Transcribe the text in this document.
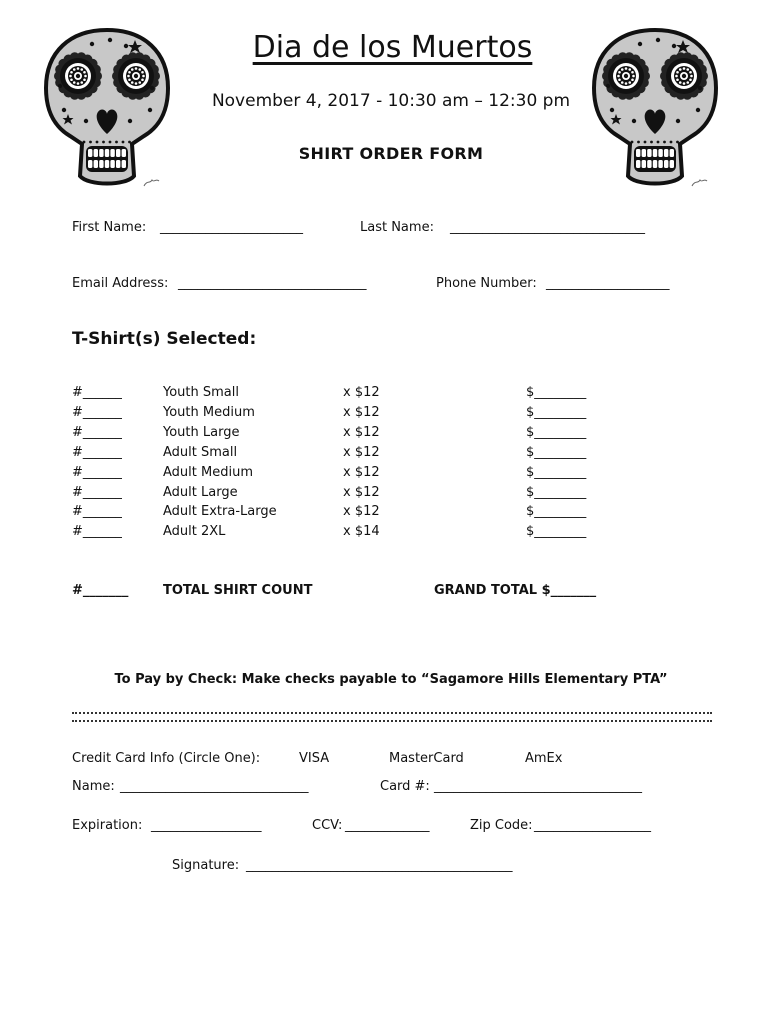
Dia de los Muertos
November 4, 2017 - 10:30 am – 12:30 pm
SHIRT ORDER FORM
First Name: ______________________	Last Name: ______________________________
Email Address: _____________________________	Phone Number: ___________________
T-Shirt(s) Selected:
#______	Youth Small	x $12	$________
#______	Youth Medium	x $12	$________
#______	Youth Large	x $12	$________
#______	Adult Small	x $12	$________
#______	Adult Medium	x $12	$________
#______	Adult Large	x $12	$________
#______	Adult Extra-Large	x $12	$________
#______	Adult 2XL	x $14	$________
#_______	TOTAL SHIRT COUNT	GRAND TOTAL $_______
To Pay by Check: Make checks payable to “Sagamore Hills Elementary PTA”
Credit Card Info (Circle One):	VISA	MasterCard	AmEx
Name: _____________________________	Card #: ________________________________
Expiration: _________________	CCV: _____________	Zip Code: __________________
Signature: _________________________________________
